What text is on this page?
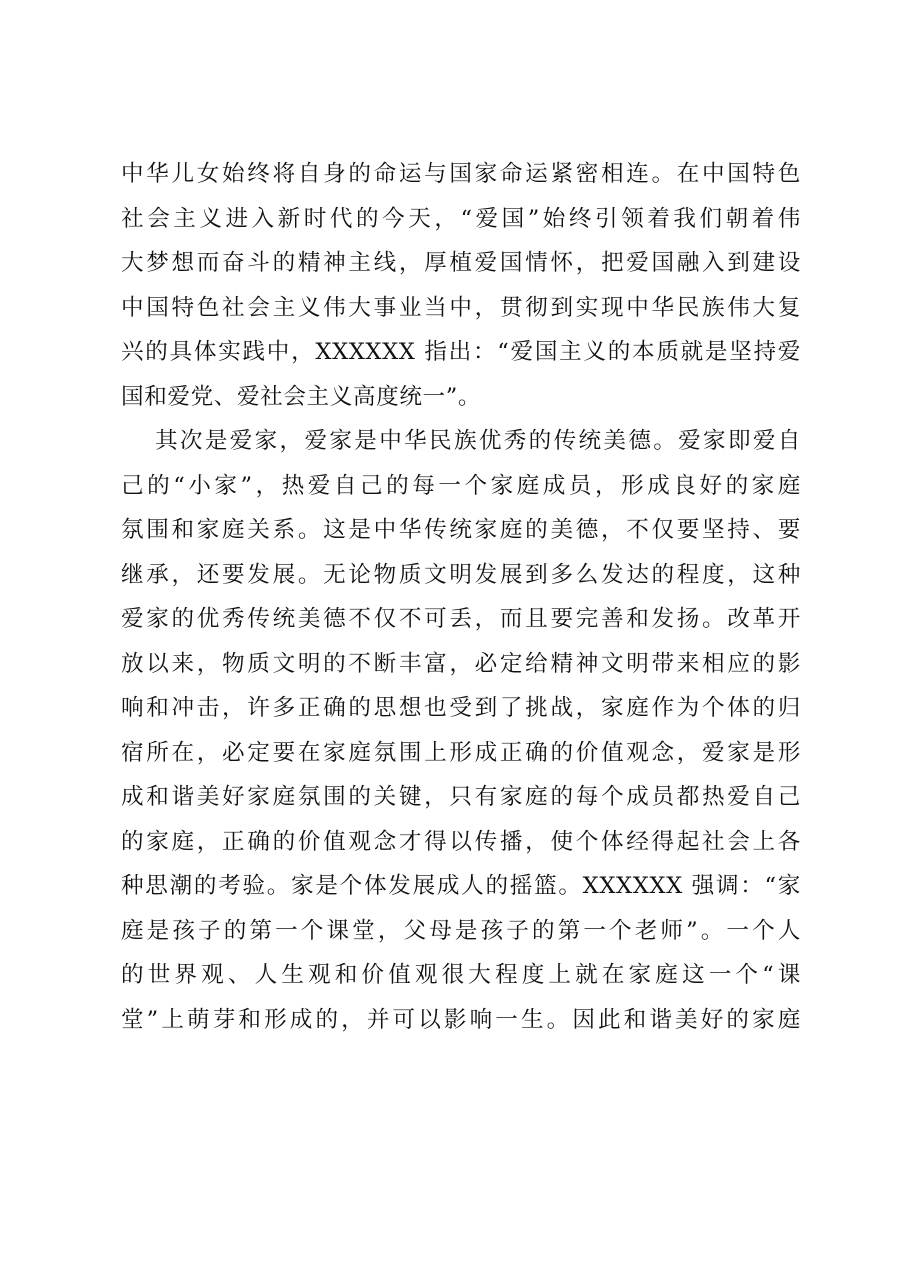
中华儿女始终将自身的命运与国家命运紧密相连。在中国特色
社会主义进入新时代的今天，“爱国”始终引领着我们朝着伟
大梦想而奋斗的精神主线，厚植爱国情怀，把爱国融入到建设
中国特色社会主义伟大事业当中，贯彻到实现中华民族伟大复
兴的具体实践中，XXXXXX 指出：“爱国主义的本质就是坚持爱
国和爱党、爱社会主义高度统一”。
其次是爱家，爱家是中华民族优秀的传统美德。爱家即爱自
己的“小家”，热爱自己的每一个家庭成员，形成良好的家庭
氛围和家庭关系。这是中华传统家庭的美德，不仅要坚持、要
继承，还要发展。无论物质文明发展到多么发达的程度，这种
爱家的优秀传统美德不仅不可丢，而且要完善和发扬。改革开
放以来，物质文明的不断丰富，必定给精神文明带来相应的影
响和冲击，许多正确的思想也受到了挑战，家庭作为个体的归
宿所在，必定要在家庭氛围上形成正确的价值观念，爱家是形
成和谐美好家庭氛围的关键，只有家庭的每个成员都热爱自己
的家庭，正确的价值观念才得以传播，使个体经得起社会上各
种思潮的考验。家是个体发展成人的摇篮。XXXXXX 强调：“家
庭是孩子的第一个课堂，父母是孩子的第一个老师”。一个人
的世界观、人生观和价值观很大程度上就在家庭这一个“课
堂”上萌芽和形成的，并可以影响一生。因此和谐美好的家庭
